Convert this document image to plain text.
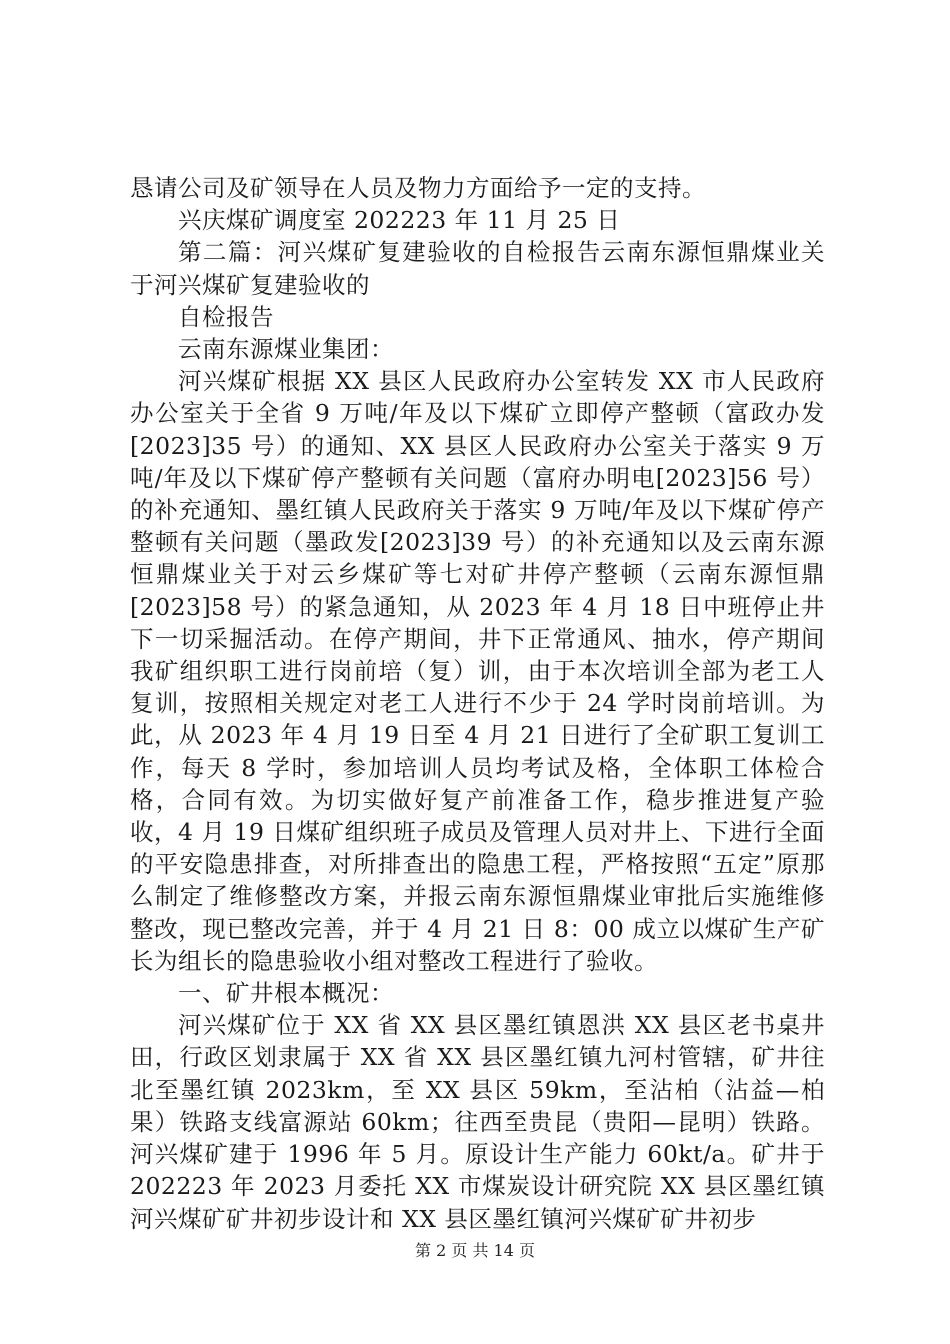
恳请公司及矿领导在人员及物力方面给予一定的支持。

兴庆煤矿调度室 202223 年 11 月 25 日

第二篇：河兴煤矿复建验收的自检报告云南东源恒鼎煤业关于河兴煤矿复建验收的

自检报告

云南东源煤业集团：

河兴煤矿根据 XX 县区人民政府办公室转发 XX 市人民政府办公室关于全省 9 万吨/年及以下煤矿立即停产整顿（富政办发[2023]35 号）的通知、XX 县区人民政府办公室关于落实 9 万吨/年及以下煤矿停产整顿有关问题（富府办明电[2023]56 号）的补充通知、墨红镇人民政府关于落实 9 万吨/年及以下煤矿停产整顿有关问题（墨政发[2023]39 号）的补充通知以及云南东源恒鼎煤业关于对云乡煤矿等七对矿井停产整顿（云南东源恒鼎[2023]58 号）的紧急通知，从 2023 年 4 月 18 日中班停止井下一切采掘活动。在停产期间，井下正常通风、抽水，停产期间我矿组织职工进行岗前培（复）训，由于本次培训全部为老工人复训，按照相关规定对老工人进行不少于 24 学时岗前培训。为此，从 2023 年 4 月 19 日至 4 月 21 日进行了全矿职工复训工作，每天 8 学时，参加培训人员均考试及格，全体职工体检合格，合同有效。为切实做好复产前准备工作，稳步推进复产验收，4 月 19 日煤矿组织班子成员及管理人员对井上、下进行全面的平安隐患排查，对所排查出的隐患工程，严格按照“五定”原那么制定了维修整改方案，并报云南东源恒鼎煤业审批后实施维修整改，现已整改完善，并于 4 月 21 日 8：00 成立以煤矿生产矿长为组长的隐患验收小组对整改工程进行了验收。

一、矿井根本概况：

河兴煤矿位于 XX 省 XX 县区墨红镇恩洪 XX 县区老书桌井田，行政区划隶属于 XX 省 XX 县区墨红镇九河村管辖，矿井往北至墨红镇 2023km，至 XX 县区 59km，至沾柏（沾益—柏果）铁路支线富源站 60km；往西至贵昆（贵阳—昆明）铁路。河兴煤矿建于 1996 年 5 月。原设计生产能力 60kt/a。矿井于 202223 年 2023 月委托 XX 市煤炭设计研究院 XX 县区墨红镇河兴煤矿矿井初步设计和 XX 县区墨红镇河兴煤矿矿井初步

第 2 页 共 14 页
